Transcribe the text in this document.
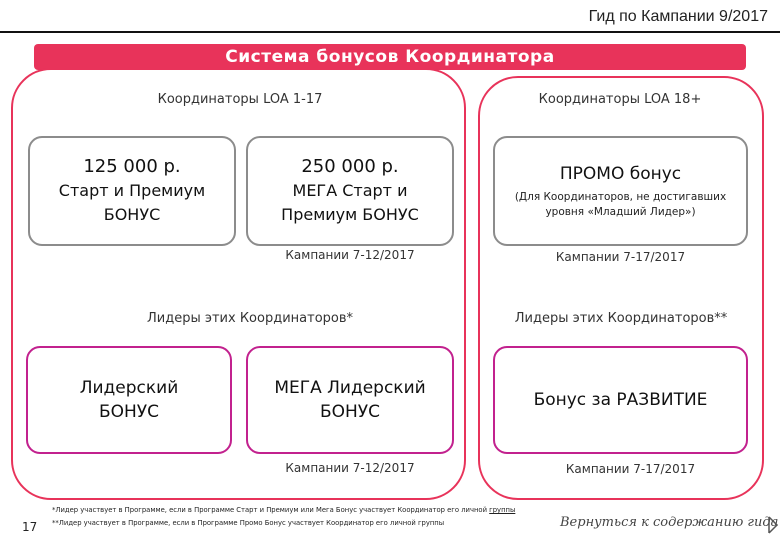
Гид по Кампании 9/2017
Система бонусов Координатора
Координаторы LOA 1-17	Координаторы LOA 18+
125 000 р.
Старт и Премиум
БОНУС
250 000 р.
МЕГА Старт и
Премиум БОНУС
ПРОМО бонус
(Для Координаторов, не достигавших
уровня «Младший Лидер»)
Кампании 7-12/2017	Кампании 7-17/2017
Лидеры этих Координаторов*	Лидеры этих Координаторов**
Лидерский
БОНУС
МЕГА Лидерский
БОНУС
Бонус за РАЗВИТИЕ
Кампании 7-12/2017	Кампании 7-17/2017
17
*Лидер участвует в Программе, если в Программе Старт и Премиум или Мега Бонус участвует Координатор его личной группы
**Лидер участвует в Программе, если в Программе Промо Бонус участвует Координатор его личной группы	Вернуться к содержанию гида
